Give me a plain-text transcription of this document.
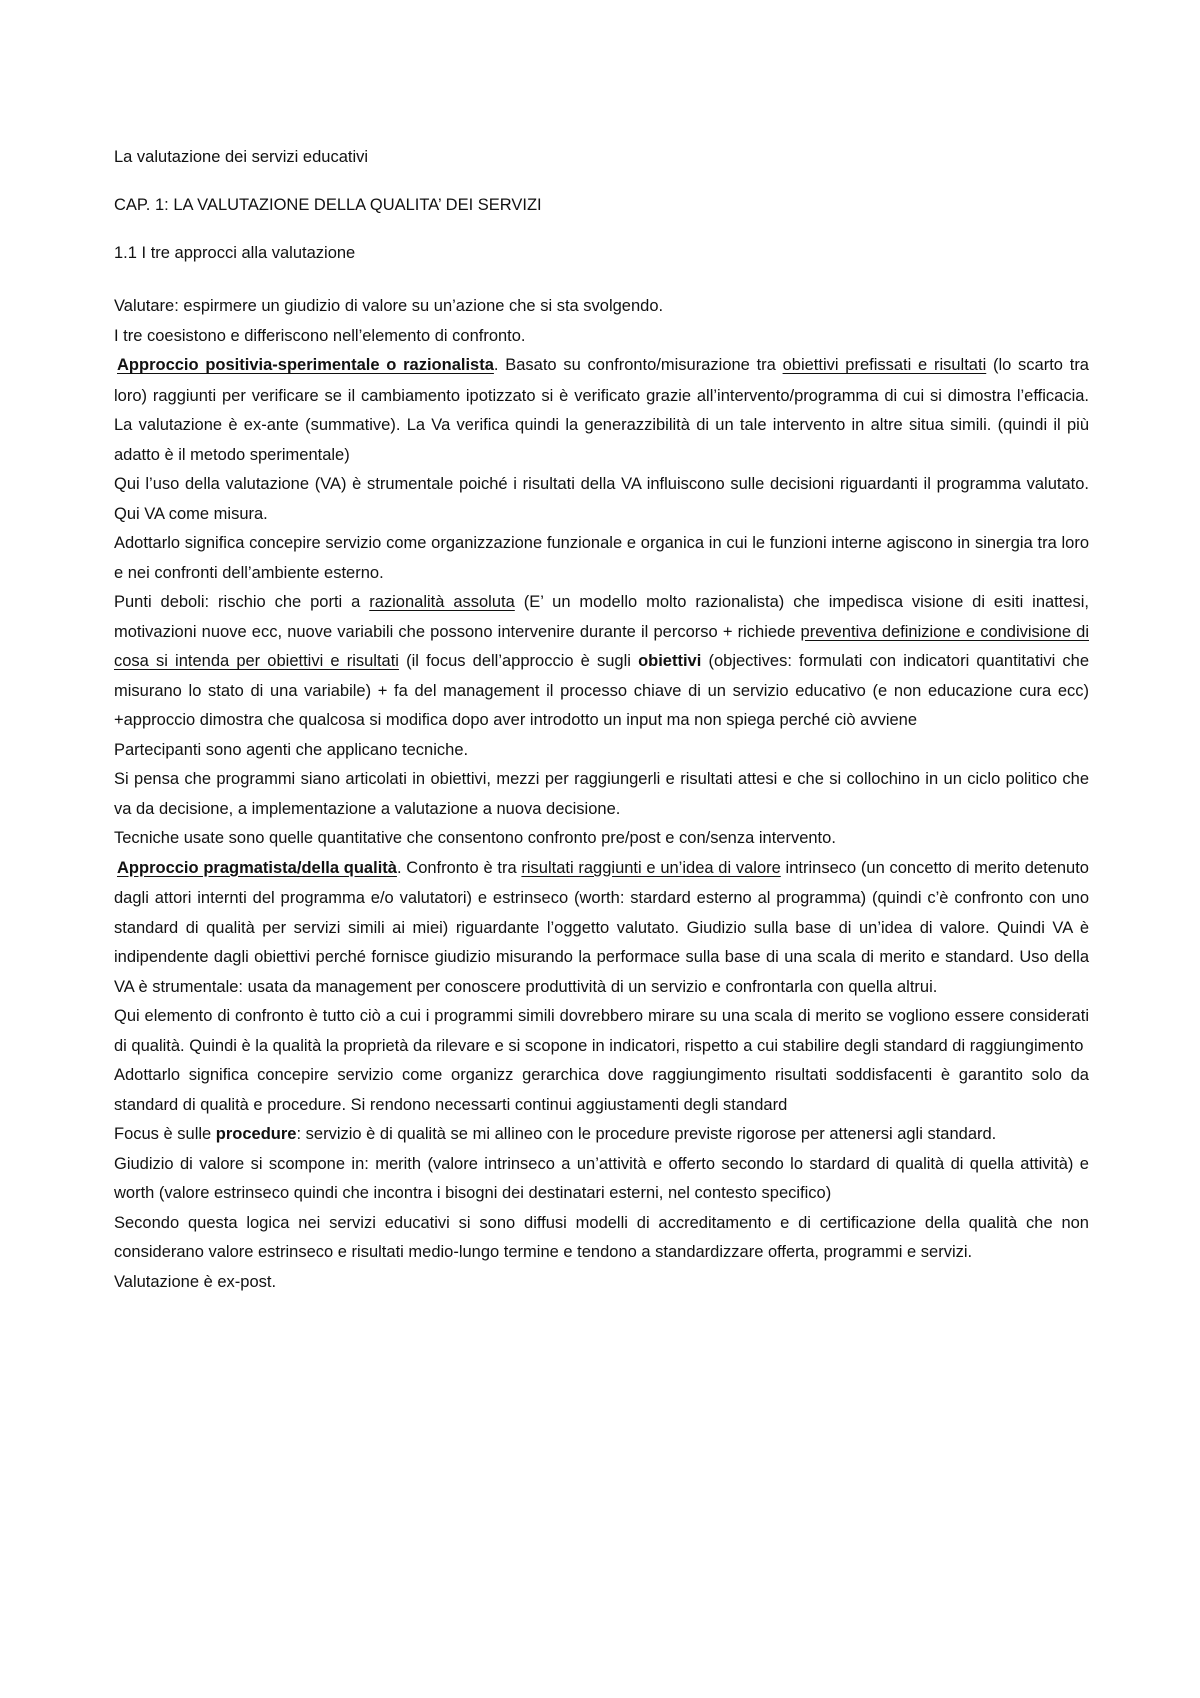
La valutazione dei servizi educativi

CAP. 1: LA VALUTAZIONE DELLA QUALITA’ DEI SERVIZI

1.1 I tre approcci alla valutazione

Valutare: espirmere un giudizio di valore su un’azione che si sta svolgendo.

I tre coesistono e differiscono nell’elemento di confronto.

Approccio positivia-sperimentale o razionalista. Basato su confronto/misurazione tra obiettivi prefissati e risultati (lo scarto tra loro) raggiunti per verificare se il cambiamento ipotizzato si è verificato grazie all’intervento/programma di cui si dimostra l’efficacia. La valutazione è ex-ante (summative). La Va verifica quindi la generazzibilità di un tale intervento in altre situa simili. (quindi il più adatto è il metodo sperimentale)

Qui l’uso della valutazione (VA) è strumentale poiché i risultati della VA influiscono sulle decisioni riguardanti il programma valutato. Qui VA come misura.

Adottarlo significa concepire servizio come organizzazione funzionale e organica in cui le funzioni interne agiscono in sinergia tra loro e nei confronti dell’ambiente esterno.

Punti deboli: rischio che porti a razionalità assoluta (E’ un modello molto razionalista) che impedisca visione di esiti inattesi, motivazioni nuove ecc, nuove variabili che possono intervenire durante il percorso + richiede preventiva definizione e condivisione di cosa si intenda per obiettivi e risultati (il focus dell’approccio è sugli obiettivi (objectives: formulati con indicatori quantitativi che misurano lo stato di una variabile) + fa del management il processo chiave di un servizio educativo (e non educazione cura ecc) +approccio dimostra che qualcosa si modifica dopo aver introdotto un input ma non spiega perché ciò avviene

Partecipanti sono agenti che applicano tecniche.

Si pensa che programmi siano articolati in obiettivi, mezzi per raggiungerli e risultati attesi e che si collochino in un ciclo politico che va da decisione, a implementazione a valutazione a nuova decisione.

Tecniche usate sono quelle quantitative che consentono confronto pre/post e con/senza intervento.

Approccio pragmatista/della qualità. Confronto è tra risultati raggiunti e un’idea di valore intrinseco (un concetto di merito detenuto dagli attori internti del programma e/o valutatori) e estrinseco (worth: stardard esterno al programma) (quindi c’è confronto con uno standard di qualità per servizi simili ai miei) riguardante l’oggetto valutato. Giudizio sulla base di un’idea di valore. Quindi VA è indipendente dagli obiettivi perché fornisce giudizio misurando la performace sulla base di una scala di merito e standard. Uso della VA è strumentale: usata da management per conoscere produttività di un servizio e confrontarla con quella altrui.

Qui elemento di confronto è tutto ciò a cui i programmi simili dovrebbero mirare su una scala di merito se vogliono essere considerati di qualità. Quindi è la qualità la proprietà da rilevare e si scopone in indicatori, rispetto a cui stabilire degli standard di raggiungimento

Adottarlo significa concepire servizio come organizz gerarchica dove raggiungimento risultati soddisfacenti è garantito solo da standard di qualità e procedure. Si rendono necessarti continui aggiustamenti degli standard

Focus è sulle procedure: servizio è di qualità se mi allineo con le procedure previste rigorose per attenersi agli standard.

Giudizio di valore si scompone in: merith (valore intrinseco a un’attività e offerto secondo lo stardard di qualità di quella attività) e worth (valore estrinseco quindi che incontra i bisogni dei destinatari esterni, nel contesto specifico)

Secondo questa logica nei servizi educativi si sono diffusi modelli di accreditamento e di certificazione della qualità che non considerano valore estrinseco e risultati medio-lungo termine e tendono a standardizzare offerta, programmi e servizi.

Valutazione è ex-post.
